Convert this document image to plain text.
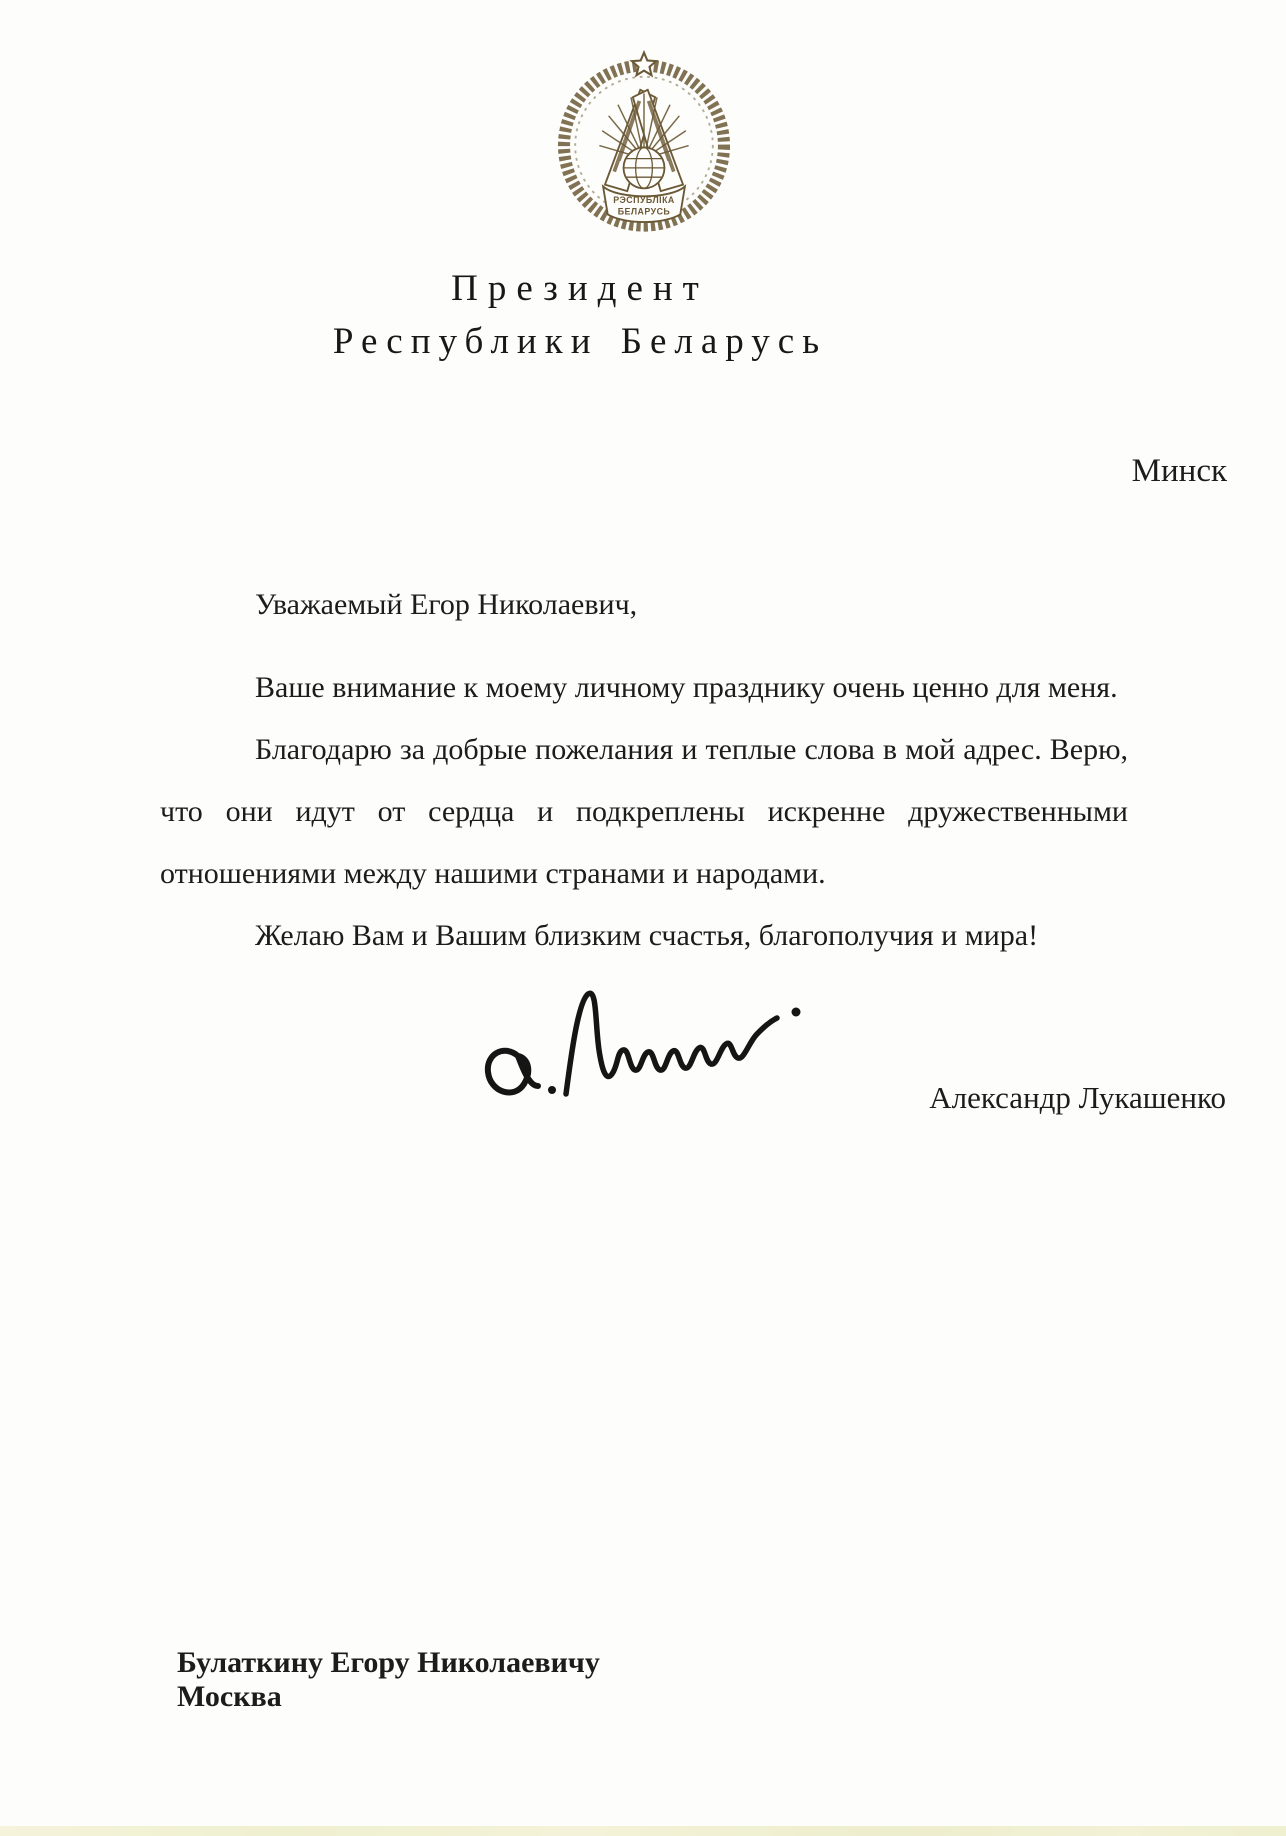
РЭСПУБЛІКА
БЕЛАРУСЬ
Президент
Республики Беларусь
Минск
Уважаемый Егор Николаевич,

Ваше внимание к моему личному празднику очень ценно для меня.

Благодарю за добрые пожелания и теплые слова в мой адрес. Верю, что они идут от сердца и подкреплены искренне дружественными отношениями между нашими странами и народами.

Желаю Вам и Вашим близким счастья, благополучия и мира!

Александр Лукашенко
Булаткину Егору Николаевичу
Москва
